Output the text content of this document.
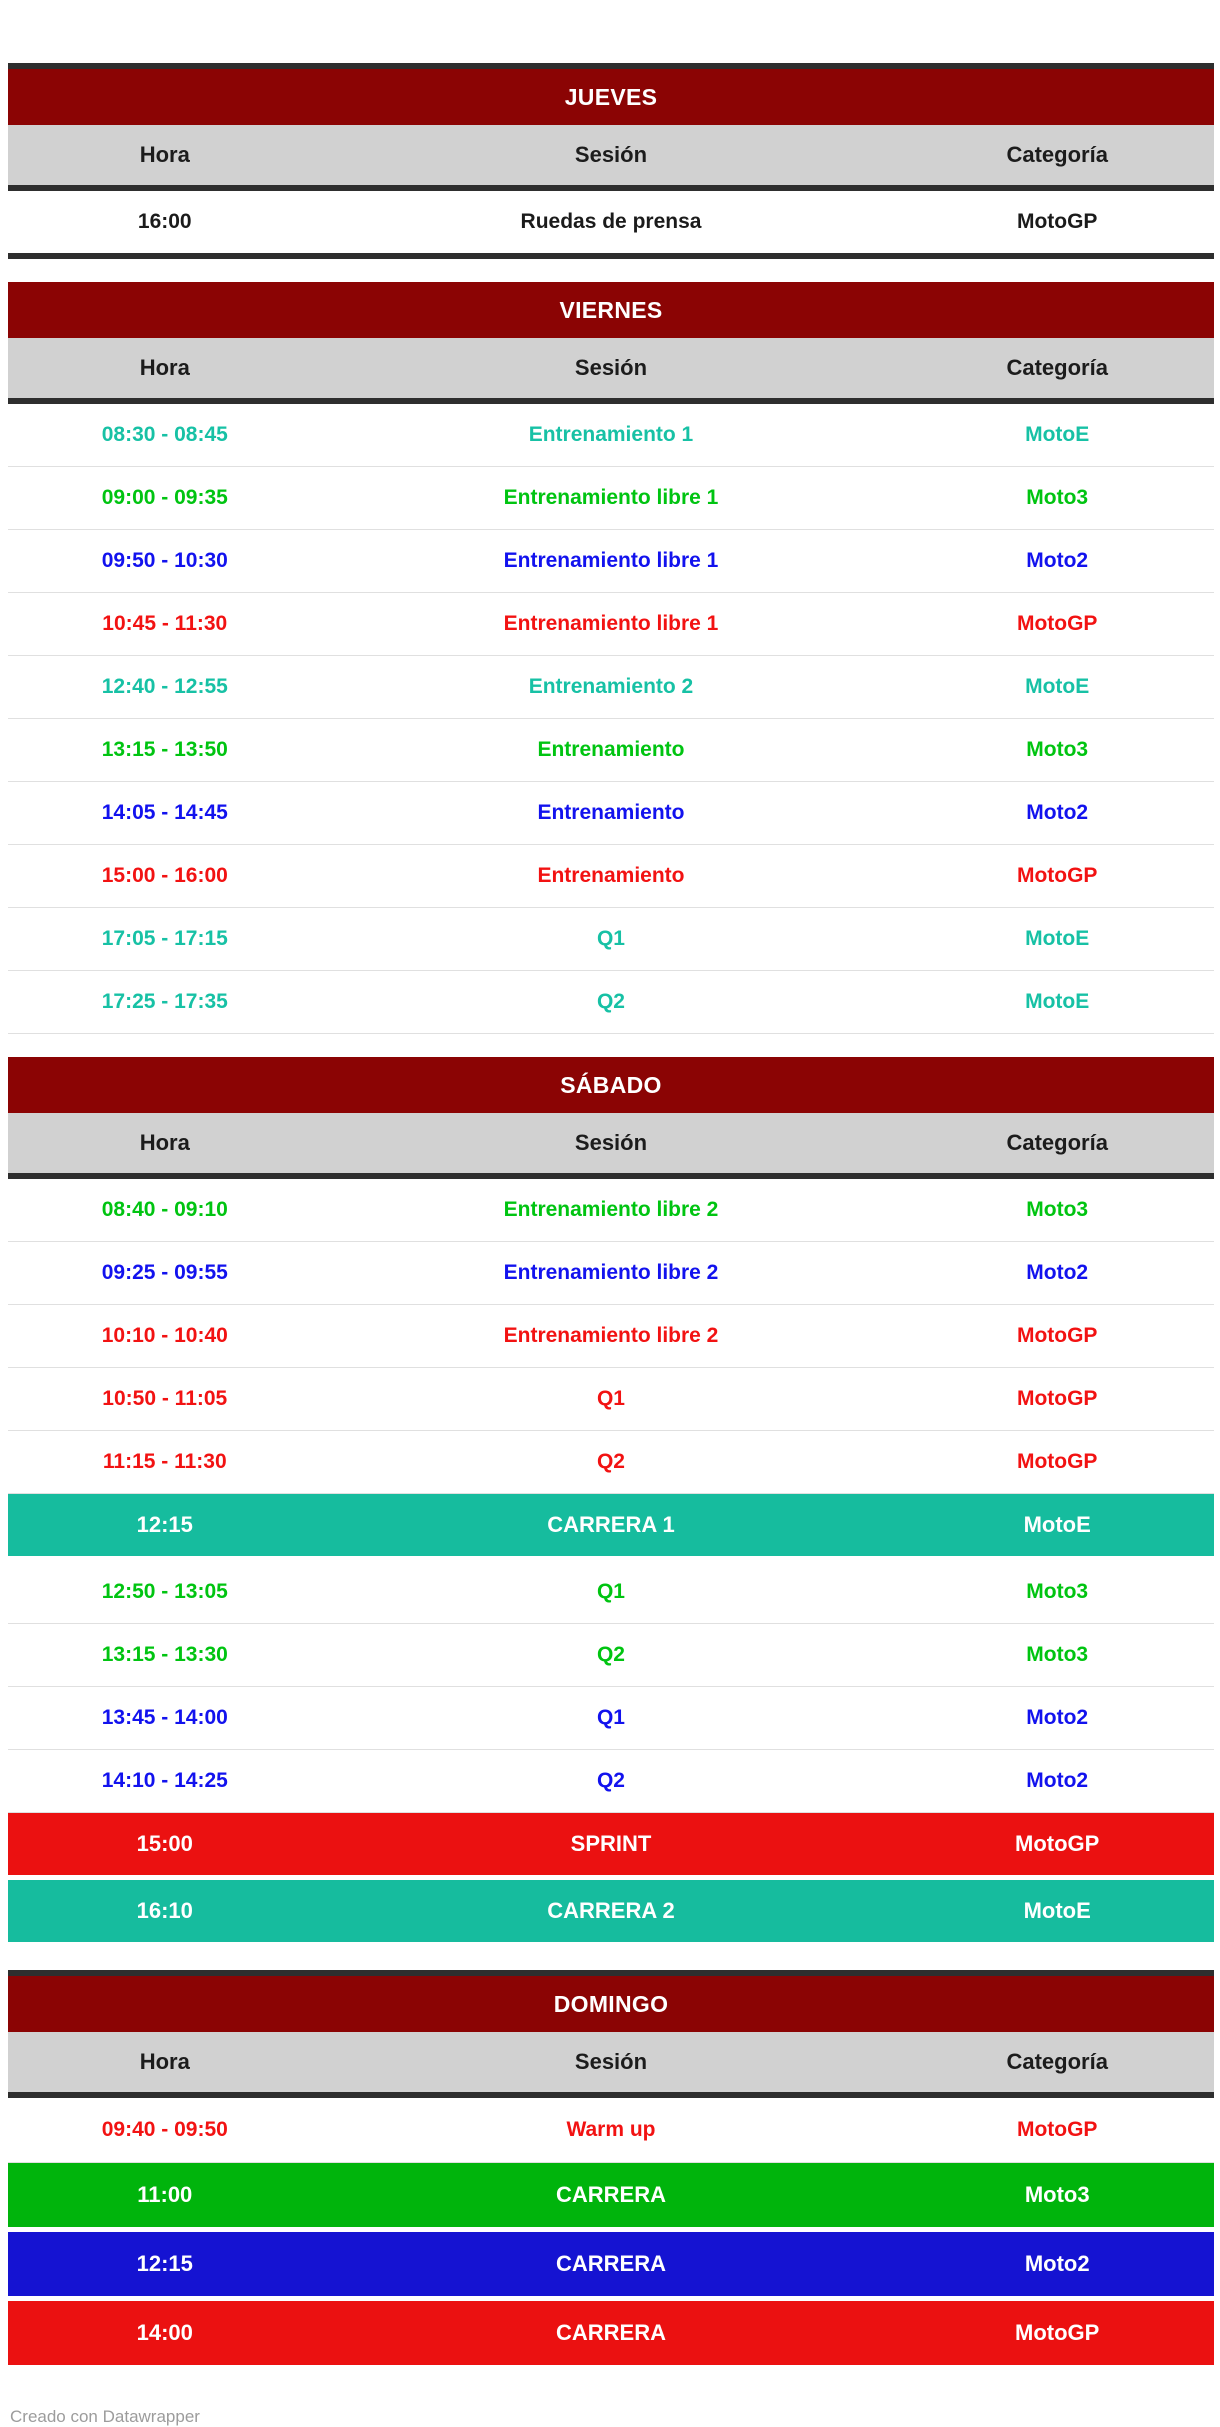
JUEVES
Hora	Sesión	Categoría
16:00	Ruedas de prensa	MotoGP
VIERNES
Hora	Sesión	Categoría
08:30 - 08:45	Entrenamiento 1	MotoE
09:00 - 09:35	Entrenamiento libre 1	Moto3
09:50 - 10:30	Entrenamiento libre 1	Moto2
10:45 - 11:30	Entrenamiento libre 1	MotoGP
12:40 - 12:55	Entrenamiento 2	MotoE
13:15 - 13:50	Entrenamiento	Moto3
14:05 - 14:45	Entrenamiento	Moto2
15:00 - 16:00	Entrenamiento	MotoGP
17:05 - 17:15	Q1	MotoE
17:25 - 17:35	Q2	MotoE
SÁBADO
Hora	Sesión	Categoría
08:40 - 09:10	Entrenamiento libre 2	Moto3
09:25 - 09:55	Entrenamiento libre 2	Moto2
10:10 - 10:40	Entrenamiento libre 2	MotoGP
10:50 - 11:05	Q1	MotoGP
11:15 - 11:30	Q2	MotoGP
12:15	CARRERA 1	MotoE
12:50 - 13:05	Q1	Moto3
13:15 - 13:30	Q2	Moto3
13:45 - 14:00	Q1	Moto2
14:10 - 14:25	Q2	Moto2
15:00	SPRINT	MotoGP
16:10	CARRERA 2	MotoE
DOMINGO
Hora	Sesión	Categoría
09:40 - 09:50	Warm up	MotoGP
11:00	CARRERA	Moto3
12:15	CARRERA	Moto2
14:00	CARRERA	MotoGP
Creado con Datawrapper
